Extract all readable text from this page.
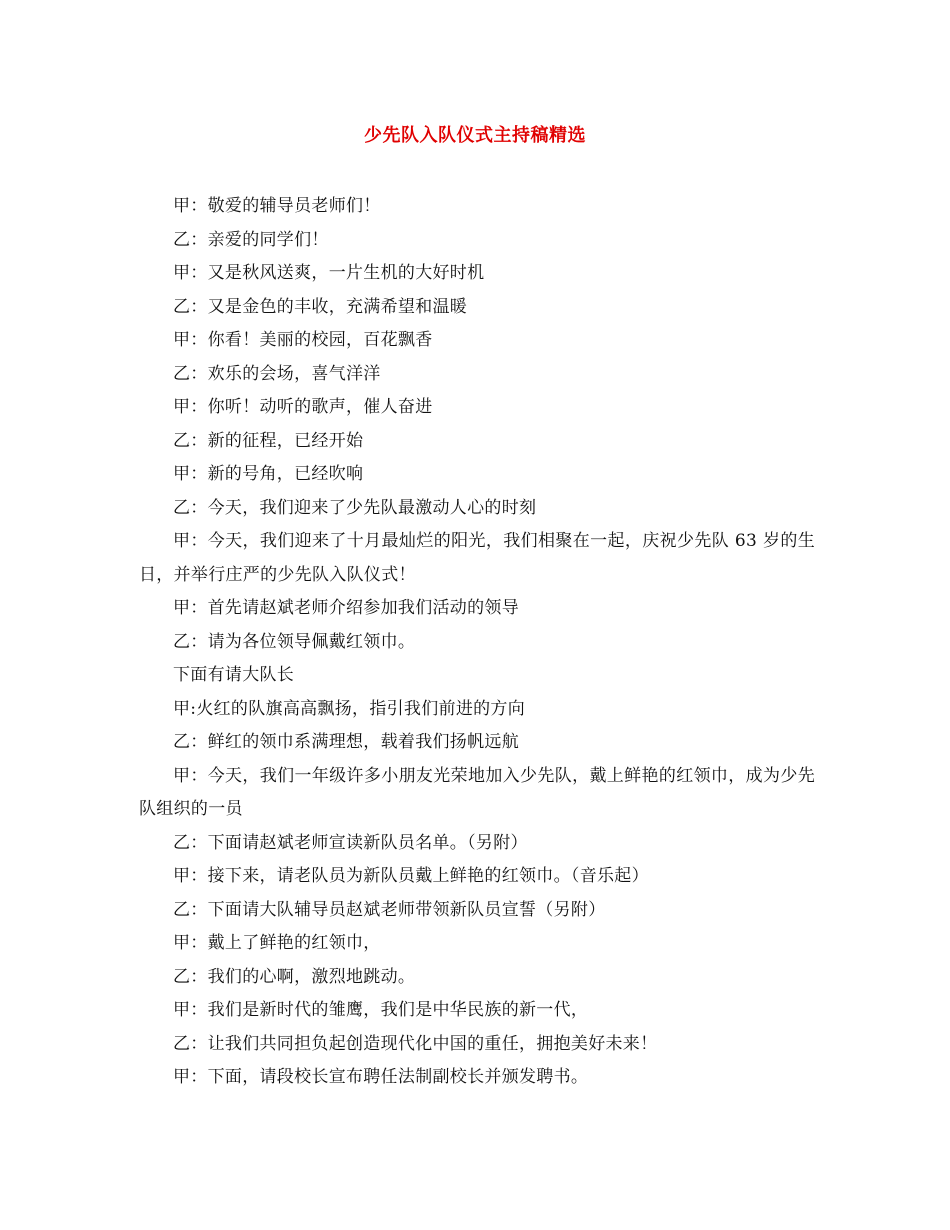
少先队入队仪式主持稿精选

甲：敬爱的辅导员老师们！

乙：亲爱的同学们！

甲：又是秋风送爽，一片生机的大好时机

乙：又是金色的丰收，充满希望和温暖

甲：你看！美丽的校园，百花飘香

乙：欢乐的会场，喜气洋洋

甲：你听！动听的歌声，催人奋进

乙：新的征程，已经开始

甲：新的号角，已经吹响

乙：今天，我们迎来了少先队最激动人心的时刻

甲：今天，我们迎来了十月最灿烂的阳光，我们相聚在一起，庆祝少先队 63 岁的生日，并举行庄严的少先队入队仪式！

甲：首先请赵斌老师介绍参加我们活动的领导

乙：请为各位领导佩戴红领巾。

下面有请大队长

甲:火红的队旗高高飘扬，指引我们前进的方向

乙：鲜红的领巾系满理想，载着我们扬帆远航

甲：今天，我们一年级许多小朋友光荣地加入少先队，戴上鲜艳的红领巾，成为少先队组织的一员

乙：下面请赵斌老师宣读新队员名单。（另附）

甲：接下来，请老队员为新队员戴上鲜艳的红领巾。（音乐起）

乙：下面请大队辅导员赵斌老师带领新队员宣誓（另附）

甲：戴上了鲜艳的红领巾，

乙：我们的心啊，激烈地跳动。

甲：我们是新时代的雏鹰，我们是中华民族的新一代，

乙：让我们共同担负起创造现代化中国的重任，拥抱美好未来！

甲：下面，请段校长宣布聘任法制副校长并颁发聘书。
